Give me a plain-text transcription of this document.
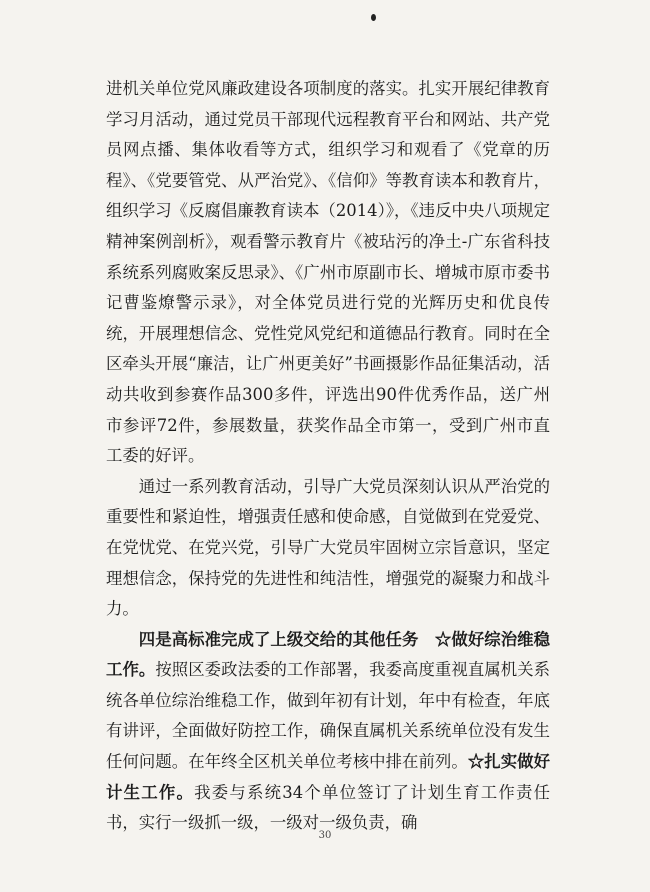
进机关单位党风廉政建设各项制度的落实。扎实开展纪律教育学习月活动，通过党员干部现代远程教育平台和网站、共产党员网点播、集体收看等方式，组织学习和观看了《党章的历程》、《党要管党、从严治党》、《信仰》等教育读本和教育片，组织学习《反腐倡廉教育读本（2014）》，《违反中央八项规定精神案例剖析》，观看警示教育片《被玷污的净土-广东省科技系统系列腐败案反思录》、《广州市原副市长、增城市原市委书记曹鉴燎警示录》，对全体党员进行党的光辉历史和优良传统，开展理想信念、党性党风党纪和道德品行教育。同时在全区牵头开展“廉洁，让广州更美好”书画摄影作品征集活动，活动共收到参赛作品300多件，评选出90件优秀作品，送广州市参评72件，参展数量，获奖作品全市第一，受到广州市直工委的好评。

通过一系列教育活动，引导广大党员深刻认识从严治党的重要性和紧迫性，增强责任感和使命感，自觉做到在党爱党、在党忧党、在党兴党，引导广大党员牢固树立宗旨意识，坚定理想信念，保持党的先进性和纯洁性，增强党的凝聚力和战斗力。

四是高标准完成了上级交给的其他任务  ☆做好综治维稳工作。按照区委政法委的工作部署，我委高度重视直属机关系统各单位综治维稳工作，做到年初有计划，年中有检查，年底有讲评，全面做好防控工作，确保直属机关系统单位没有发生任何问题。在年终全区机关单位考核中排在前列。☆扎实做好计生工作。我委与系统34个单位签订了计划生育工作责任书，实行一级抓一级，一级对一级负责，确

30
